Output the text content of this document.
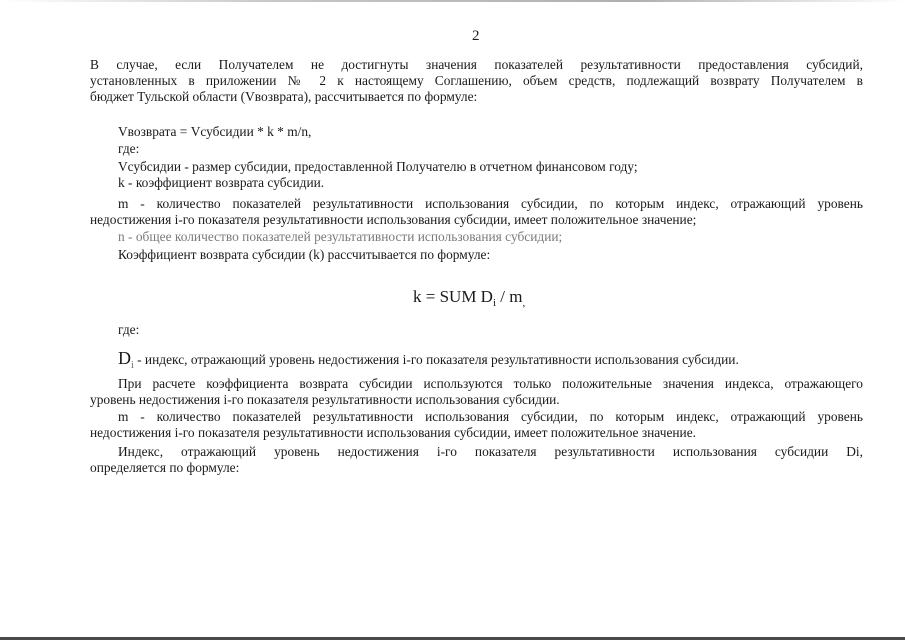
2
В случае, если Получателем не достигнуты значения показателей результативности предоставления субсидий,
установленных в приложении № 2 к настоящему Соглашению, объем средств, подлежащий возврату Получателем в
бюджет Тульской области (Vвозврата), рассчитывается по формуле:
Vвозврата = Vсубсидии * k * m/n,
где:
Vсубсидии - размер субсидии, предоставленной Получателю в отчетном финансовом году;
k - коэффициент возврата субсидии.
m - количество показателей результативности использования субсидии, по которым индекс, отражающий уровень
недостижения i-го показателя результативности использования субсидии, имеет положительное значение;
n - общее количество показателей результативности использования субсидии;
Коэффициент возврата субсидии (k) рассчитывается по формуле:
k = SUM $D_i / m_,$
где:
$D_i$ - индекс, отражающий уровень недостижения i-го показателя результативности использования субсидии.
При расчете коэффициента возврата субсидии используются только положительные значения индекса, отражающего
уровень недостижения i-го показателя результативности использования субсидии.
m - количество показателей результативности использования субсидии, по которым индекс, отражающий уровень
недостижения i-го показателя результативности использования субсидии, имеет положительное значение.
Индекс, отражающий уровень недостижения i-го показателя результативности использования субсидии Di,
определяется по формуле:
